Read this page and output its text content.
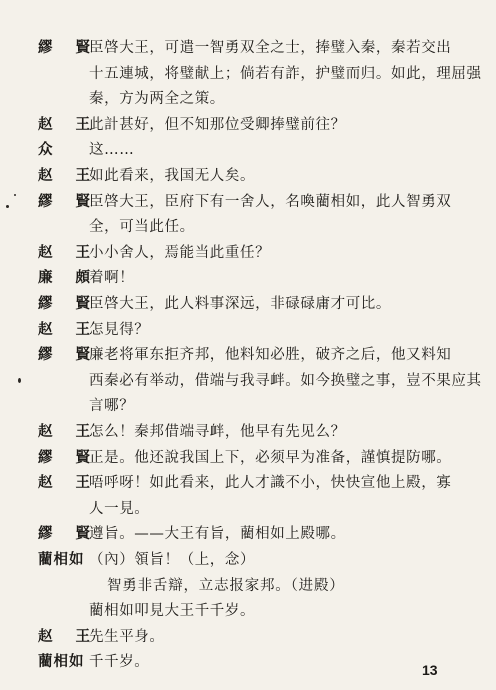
繆 賢
臣啓大王，可遣一智勇双全之士，捧璧入秦，秦若交出
十五連城，将璧献上；倘若有詐，护璧而归。如此，理屈强
秦，方为两全之策。
赵 王
此計甚好，但不知那位受卿捧璧前往？
众	这……
赵 王
如此看来，我国无人矣。
繆 賢
臣啓大王，臣府下有一舍人，名喚藺相如，此人智勇双
全，可当此任。
赵 王
小小舍人，焉能当此重任？
廉 頗
着啊！
繆 賢
臣啓大王，此人料事深远，非碌碌庸才可比。
赵 王
怎見得？
繆 賢
廉老将軍东拒齐邦，他料知必胜，破齐之后，他又料知
西秦必有举动，借端与我寻衅。如今换璧之事，豈不果应其
言哪？
赵 王
怎么！秦邦借端寻衅，他早有先见么？
繆 賢
正是。他还說我国上下，必须早为准备，謹慎提防哪。
赵 王
唔呼呀！如此看来，此人才識不小，快快宣他上殿，寡
人一見。
繆 賢
遵旨。——大王有旨，藺相如上殿哪。
藺相如 （內）領旨！（上，念）
智勇非舌辯，立志报家邦。（进殿）
藺相如叩見大王千千岁。
13
赵 王
先生平身。
藺相如 千千岁。
